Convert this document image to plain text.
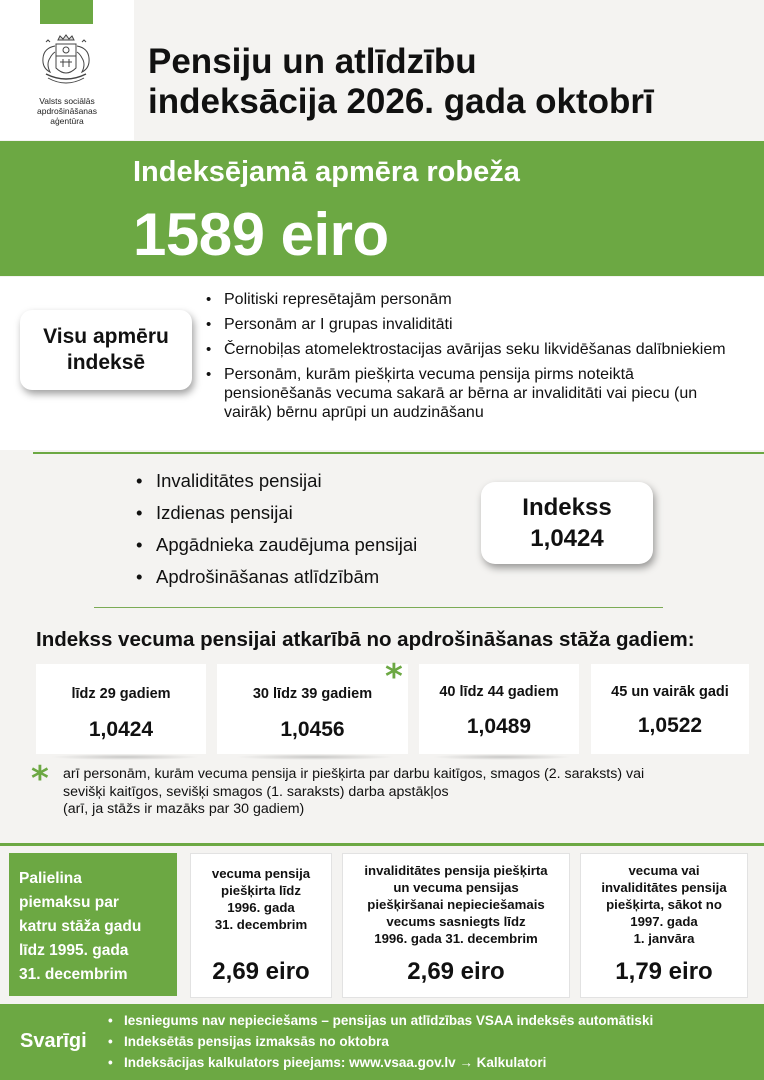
Valsts sociālās
apdrošināšanas
aģentūra
Pensiju un atlīdzību
indeksācija 2026. gada oktobrī
Indeksējamā apmēra robeža
1589 eiro
Visu apmēru
indeksē
• Politiski represētajām personām
• Personām ar I grupas invaliditāti
• Černobiļas atomelektrostacijas avārijas seku likvidēšanas dalībniekiem
• Personām, kurām piešķirta vecuma pensija pirms noteiktā pensionēšanās vecuma sakarā ar bērna ar invaliditāti vai piecu (un vairāk) bērnu aprūpi un audzināšanu
• Invaliditātes pensijai
• Izdienas pensijai
• Apgādnieka zaudējuma pensijai
• Apdrošināšanas atlīdzībām
Indekss
1,0424
Indekss vecuma pensijai atkarībā no apdrošināšanas stāža gadiem:
līdz 29 gadiem
1,0424
30 līdz 39 gadiem
1,0456
*	40 līdz 44 gadiem
1,0489
45 un vairāk gadi
1,0522
* arī personām, kurām vecuma pensija ir piešķirta par darbu kaitīgos, smagos (2. saraksts) vai
sevišķi kaitīgos, sevišķi smagos (1. saraksts) darba apstākļos
(arī, ja stāžs ir mazāks par 30 gadiem)
Palielina
piemaksu par
katru stāža gadu
līdz 1995. gada
31. decembrim
vecuma pensija
piešķirta līdz
1996. gada
31. decembrim
2,69 eiro
invaliditātes pensija piešķirta
un vecuma pensijas
piešķiršanai nepieciešamais
vecums sasniegts līdz
1996. gada 31. decembrim
2,69 eiro
vecuma vai
invaliditātes pensija
piešķirta, sākot no
1997. gada
1. janvāra
1,79 eiro
Svarīgi
• Iesniegums nav nepieciešams – pensijas un atlīdzības VSAA indeksēs automātiski
• Indeksētās pensijas izmaksās no oktobra
• Indeksācijas kalkulators pieejams: www.vsaa.gov.lv → Kalkulatori
